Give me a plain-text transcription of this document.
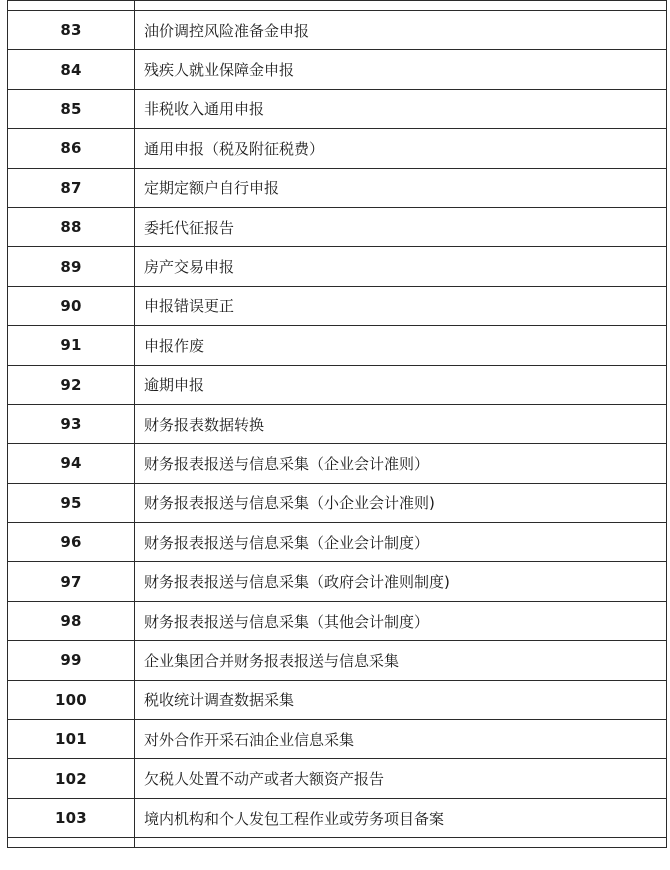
83	油价调控风险准备金申报
84	残疾人就业保障金申报
85	非税收入通用申报
86	通用申报（税及附征税费）
87	定期定额户自行申报
88	委托代征报告
89	房产交易申报
90	申报错误更正
91	申报作废
92	逾期申报
93	财务报表数据转换
94	财务报表报送与信息采集（企业会计准则）
95	财务报表报送与信息采集（小企业会计准则)
96	财务报表报送与信息采集（企业会计制度）
97	财务报表报送与信息采集（政府会计准则制度)
98	财务报表报送与信息采集（其他会计制度）
99	企业集团合并财务报表报送与信息采集
100	税收统计调查数据采集
101	对外合作开采石油企业信息采集
102	欠税人处置不动产或者大额资产报告
103	境内机构和个人发包工程作业或劳务项目备案
